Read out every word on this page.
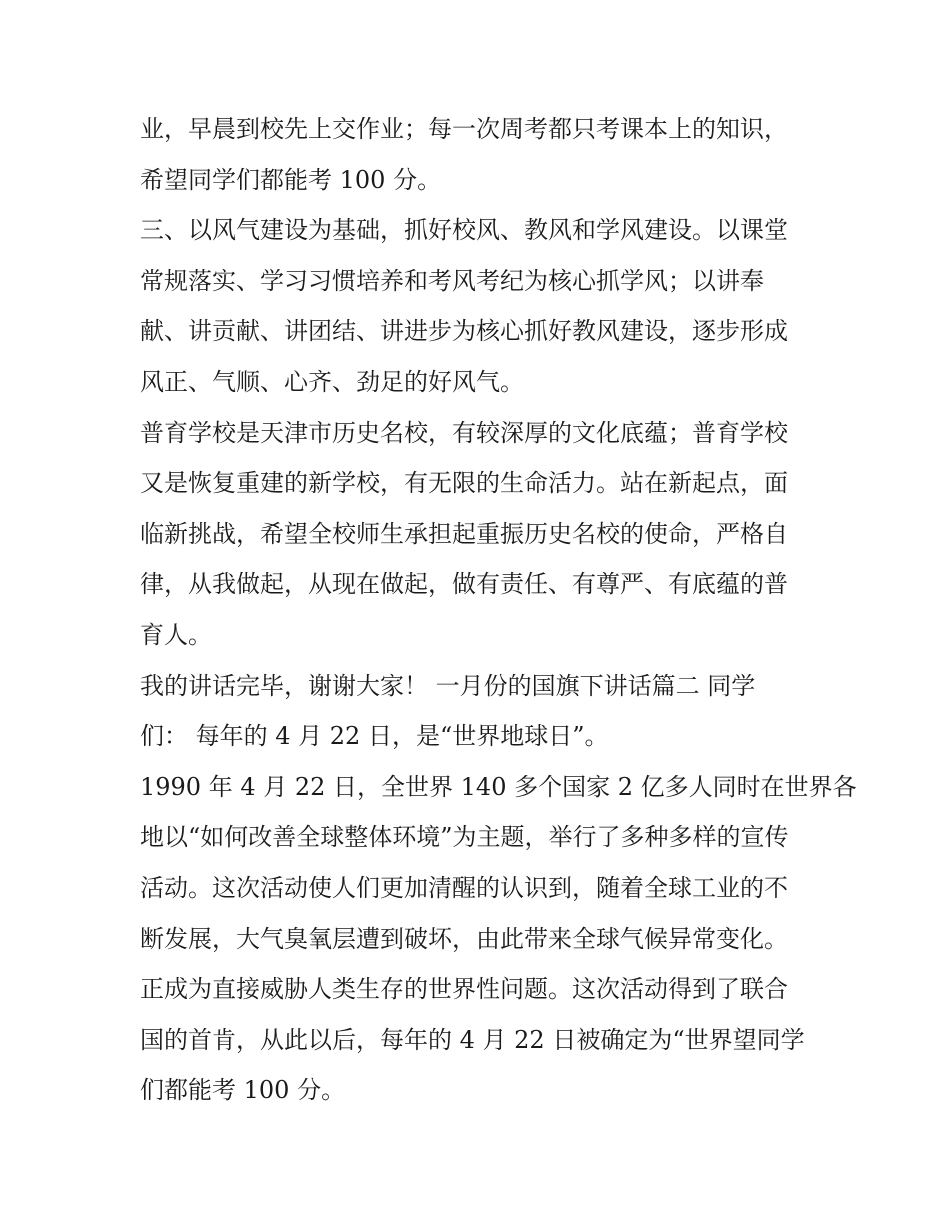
业，早晨到校先上交作业；每一次周考都只考课本上的知识，

希望同学们都能考 100 分。

三、以风气建设为基础，抓好校风、教风和学风建设。以课堂

常规落实、学习习惯培养和考风考纪为核心抓学风；以讲奉

献、讲贡献、讲团结、讲进步为核心抓好教风建设，逐步形成

风正、气顺、心齐、劲足的好风气。

普育学校是天津市历史名校，有较深厚的文化底蕴；普育学校

又是恢复重建的新学校，有无限的生命活力。站在新起点，面

临新挑战，希望全校师生承担起重振历史名校的使命，严格自

律，从我做起，从现在做起，做有责任、有尊严、有底蕴的普

育人。

我的讲话完毕，谢谢大家！ 一月份的国旗下讲话篇二 同学

们： 每年的 4 月 22 日，是“世界地球日”。

1990 年 4 月 22 日，全世界 140 多个国家 2 亿多人同时在世界各

地以“如何改善全球整体环境”为主题，举行了多种多样的宣传

活动。这次活动使人们更加清醒的认识到，随着全球工业的不

断发展，大气臭氧层遭到破坏，由此带来全球气候异常变化。

正成为直接威胁人类生存的世界性问题。这次活动得到了联合

国的首肯，从此以后，每年的 4 月 22 日被确定为“世界望同学

们都能考 100 分。
